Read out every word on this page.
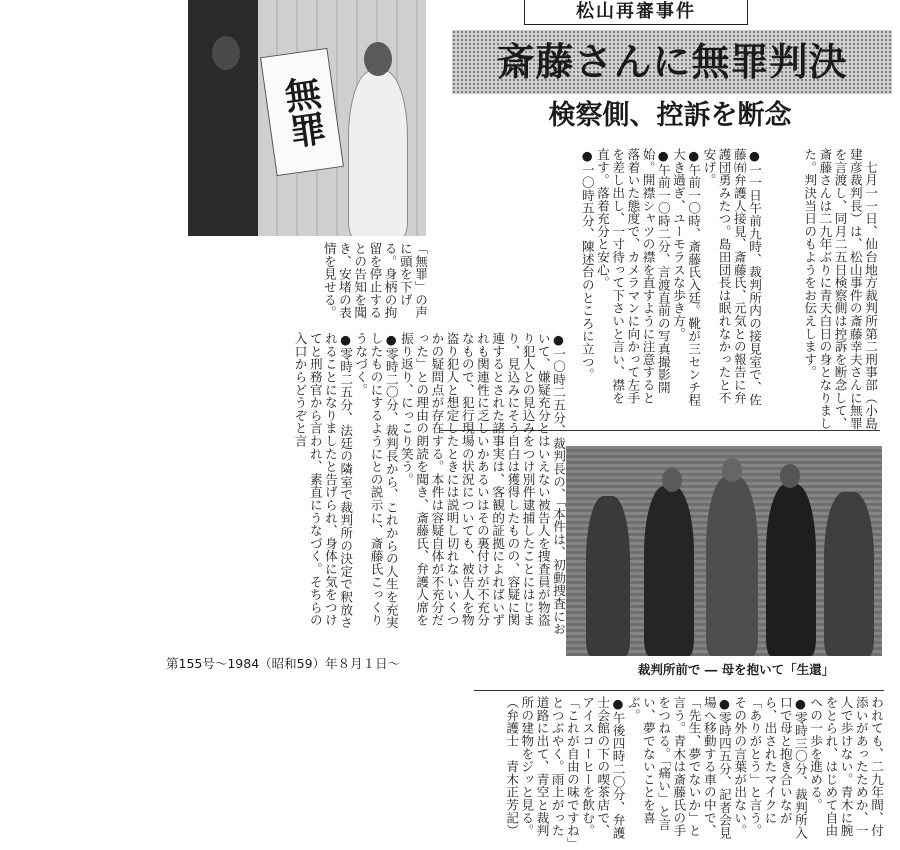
無罪
松山再審事件
斎藤さんに無罪判決
検察側、控訴を断念
　七月一一日、仙台地方裁判所第二刑事部（小島建彦裁判長）は、松山事件の斎藤幸夫さんに無罪を言渡し、同月二五日検察側は控訴を断念して、斎藤さんは二九年ぶりに青天白日の身となりました。判決当日のもようをお伝えします。
●一一日午前九時、裁判所内の接見室で、佐藤㈲弁護人接見、斎藤氏、元気との報告に弁護団勇みたつ。島田団長は眠れなかったと不安げ。
●午前一〇時、斎藤氏入廷。靴が三センチ程大き過ぎ、ユーモラスな歩き方。
●午前一〇時二分、言渡直前の写真撮影開始。開襟シャツの襟を直すように注意すると落着いた態度で、カメラマンに向かって左手を差し出し、一寸待って下さいと言い、襟を直す。落着充分と安心。
●一〇時五分、陳述台のところに立つ。
「無罪」の声に頭を下げる。身柄の拘留を停止するとの告知を聞き、安堵の表情を見せる。
●一〇時二五分、裁判長の、「本件は、初動捜査において、嫌疑充分とはいえない被告人を捜査員が物盗り犯人との見込みをつけ別件逮捕したことにはじまり、見込みにそう自白は獲得したものの、容疑に関連するとされた諸事実は、客観的証拠によればいずれも関連性に乏しいかあるいはその裏付けが不充分なもので、犯行現場の状況についても、被告人を物盗り犯人と想定したときには説明し切れないいくつかの疑問点が存在する。本件は容疑自体が不充分だった」との理由の朗読を聞き、斎藤氏、弁護人席を振り返り、にっこり笑う。
●零時二〇分、裁判長から、これからの人生を充実したものにするようにとの説示に、斎藤氏こっくりうなづく。
●零時二五分、法廷の隣室で裁判所の決定で釈放されることになりましたと告げられ、身体に気をつけてと刑務官から言われ、素直にうなづく。そちらの入口からどうぞと言
裁判所前で ― 母を抱いて「生還」
第155号〜1984（昭和59）年８月１日〜
われても、二九年間、付添いがあったためか、一人で歩けない。青木に腕をとられ、はじめて自由への一歩を進める。
●零時三〇分、裁判所入口で母と抱き合いながら、出されたマイクに「ありがとう」と言う。その外の言葉が出ない。
●零時四五分、記者会見場へ移動する車の中で、「先生、夢でないか」と言う。青木は斎藤氏の手をつねる。「痛い」と言い、夢でないことを喜ぶ。
●午後四時二〇分、弁護士会館の下の喫茶店で、アイスコーヒーを飲む。「これが自由の味ですね」とつぶやく。雨上がった道路に出て、青空と裁判所の建物をジッと見る。
（弁護士　青木正芳記）
